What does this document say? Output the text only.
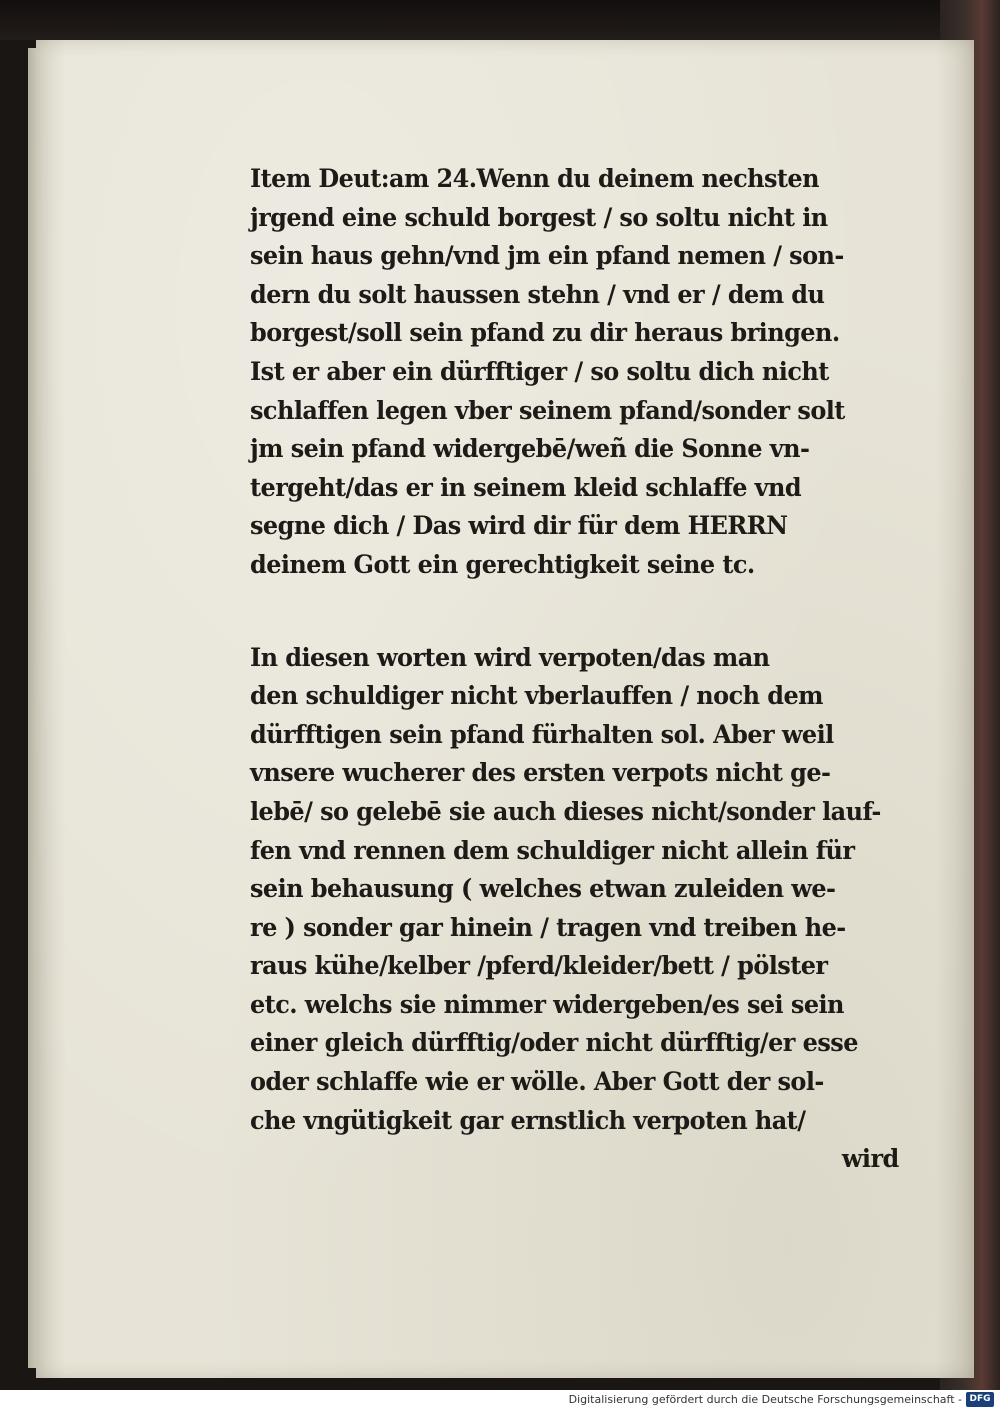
Item Deut:am 24.Wenn du deinem nechsten
jrgend eine schuld borgest / so soltu nicht in
sein haus gehn/vnd jm ein pfand nemen / son-
dern du solt haussen stehn / vnd er / dem du
borgest/soll sein pfand zu dir heraus bringen.
Ist er aber ein dürfftiger / so soltu dich nicht
schlaffen legen vber seinem pfand/sonder solt
jm sein pfand widergebē/weñ die Sonne vn-
tergeht/das er in seinem kleid schlaffe vnd
segne dich / Das wird dir für dem HERRN
deinem Gott ein gerechtigkeit seine tc.
In diesen worten wird verpoten/das man
den schuldiger nicht vberlauffen / noch dem
dürfftigen sein pfand fürhalten sol. Aber weil
vnsere wucherer des ersten verpots nicht ge-
lebē/ so gelebē sie auch dieses nicht/sonder lauf-
fen vnd rennen dem schuldiger nicht allein für
sein behausung ( welches etwan zuleiden we-
re ) sonder gar hinein / tragen vnd treiben he-
raus kühe/kelber /pferd/kleider/bett / pölster
etc. welchs sie nimmer widergeben/es sei sein
einer gleich dürfftig/oder nicht dürfftig/er esse
oder schlaffe wie er wölle. Aber Gott der sol-
che vngütigkeit gar ernstlich verpoten hat/
wird
Digitalisierung gefördert durch die Deutsche Forschungsgemeinschaft - DFG
